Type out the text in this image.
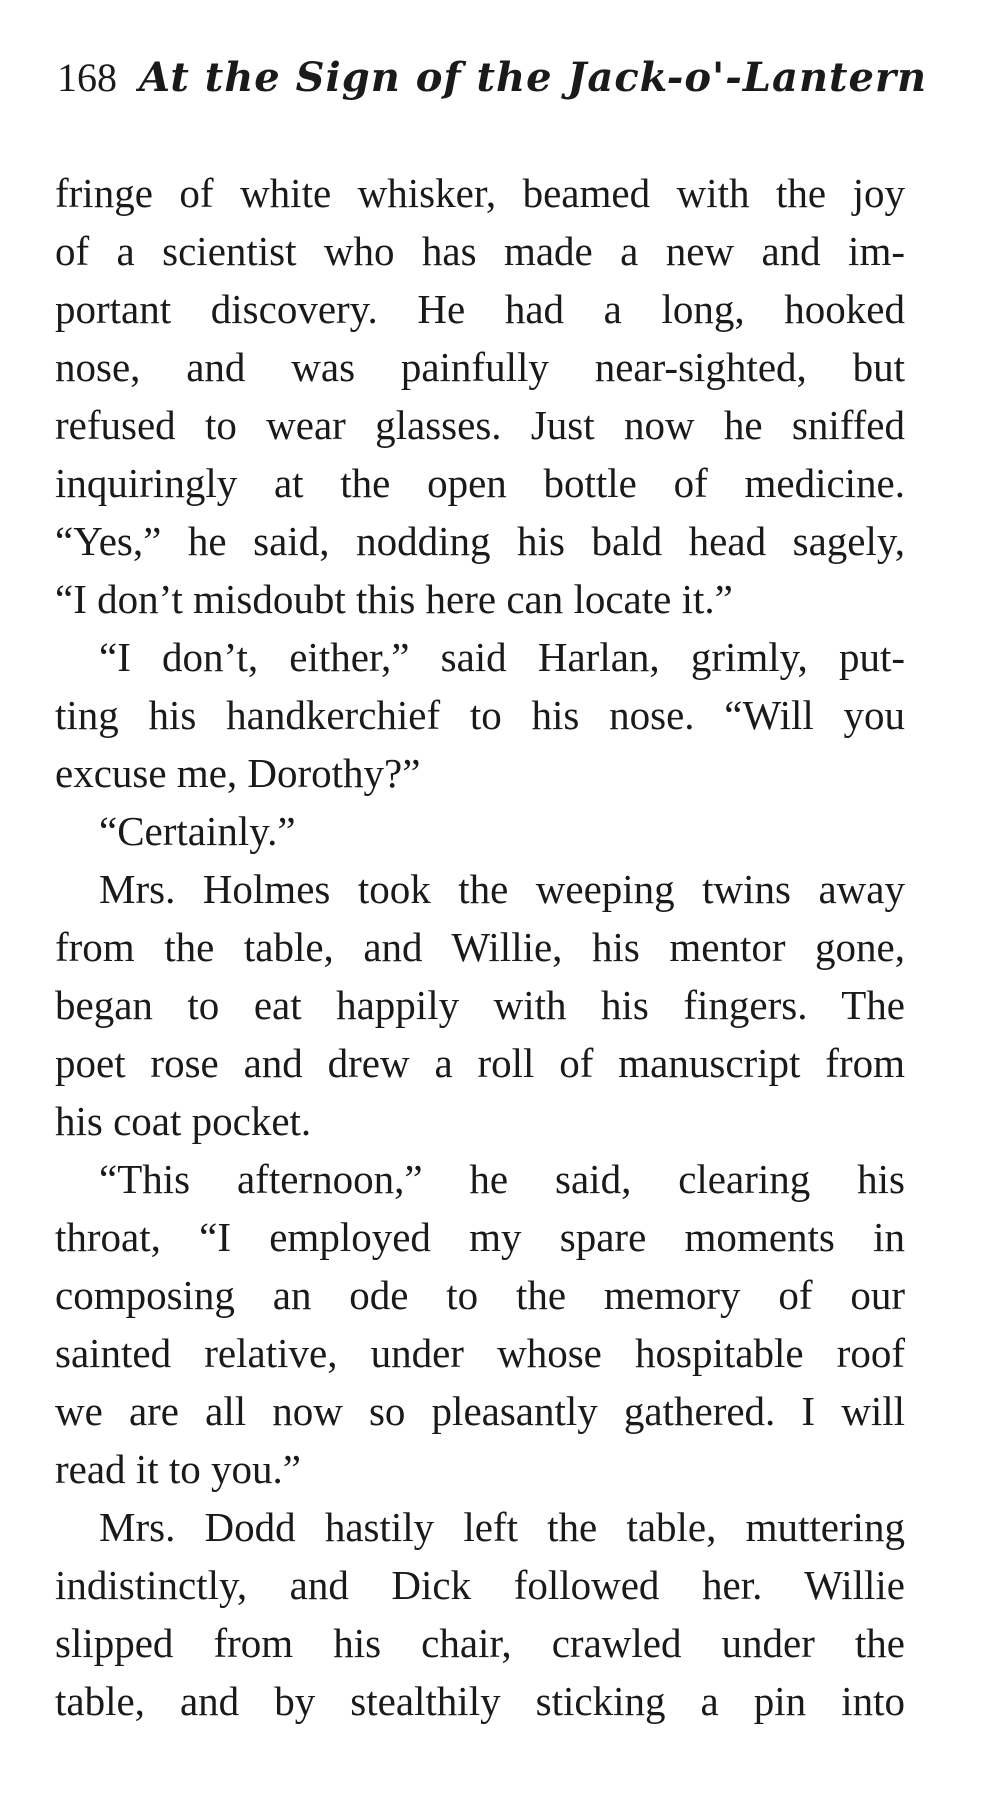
168 At the Sign of the Jack-o'-Lantern
fringe of white whisker, beamed with the joy
of a scientist who has made a new and im-
portant discovery. He had a long, hooked
nose, and was painfully near-sighted, but
refused to wear glasses. Just now he sniffed
inquiringly at the open bottle of medicine.
“Yes,” he said, nodding his bald head sagely,
“I don’t misdoubt this here can locate it.”
“I don’t, either,” said Harlan, grimly, put-
ting his handkerchief to his nose. “Will you
excuse me, Dorothy?”
“Certainly.”
Mrs. Holmes took the weeping twins away
from the table, and Willie, his mentor gone,
began to eat happily with his fingers. The
poet rose and drew a roll of manuscript from
his coat pocket.
“This afternoon,” he said, clearing his
throat, “I employed my spare moments in
composing an ode to the memory of our
sainted relative, under whose hospitable roof
we are all now so pleasantly gathered. I will
read it to you.”
Mrs. Dodd hastily left the table, muttering
indistinctly, and Dick followed her. Willie
slipped from his chair, crawled under the
table, and by stealthily sticking a pin into
